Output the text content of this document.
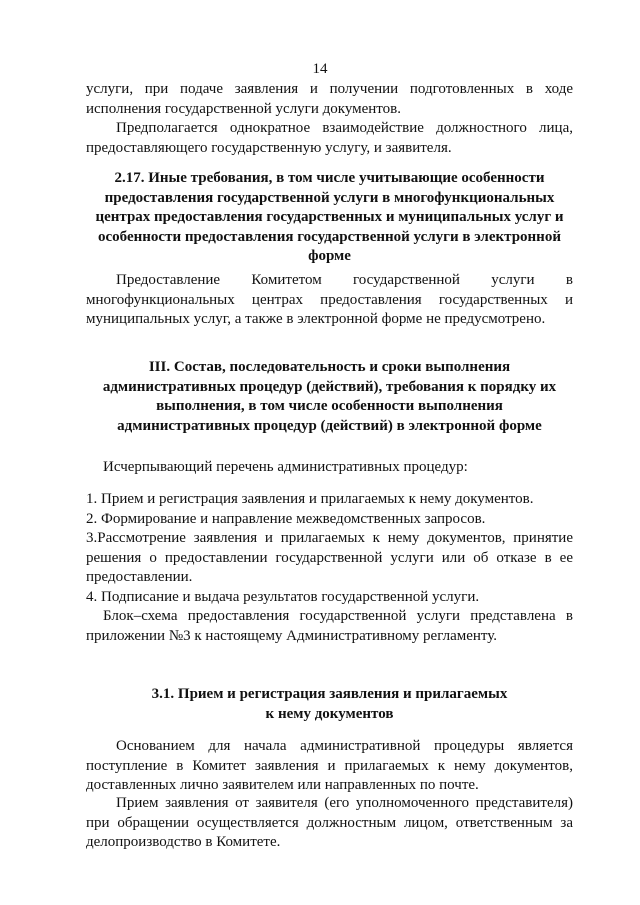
14

услуги, при подаче заявления и получении подготовленных в ходе

исполнения государственной услуги документов.

Предполагается однократное взаимодействие должностного лица,

предоставляющего государственную услугу, и заявителя.

2.17. Иные требования, в том числе учитывающие особенности

предоставления государственной услуги в многофункциональных

центрах предоставления государственных и муниципальных услуг и

особенности предоставления государственной услуги в электронной

форме

Предоставление Комитетом государственной услуги в

многофункциональных центрах предоставления государственных и

муниципальных услуг, а также в электронной форме не предусмотрено.

III. Состав, последовательность и сроки выполнения

административных процедур (действий), требования к порядку их

выполнения, в том числе особенности выполнения

административных процедур (действий) в электронной форме

Исчерпывающий перечень административных процедур:

1. Прием и регистрация заявления и прилагаемых к нему документов.

2. Формирование и направление межведомственных запросов.

3.Рассмотрение заявления и прилагаемых к нему документов, принятие

решения о предоставлении государственной услуги или об отказе в ее

предоставлении.

4. Подписание и выдача результатов государственной услуги.

Блок–схема предоставления государственной услуги представлена в

приложении №3 к настоящему Административному регламенту.

3.1. Прием и регистрация заявления и прилагаемых

к нему документов

Основанием для начала административной процедуры является

поступление в Комитет заявления и прилагаемых к нему документов,

доставленных лично заявителем или направленных по почте.

Прием заявления от заявителя (его уполномоченного представителя)

при обращении осуществляется должностным лицом, ответственным за

делопроизводство в Комитете.
